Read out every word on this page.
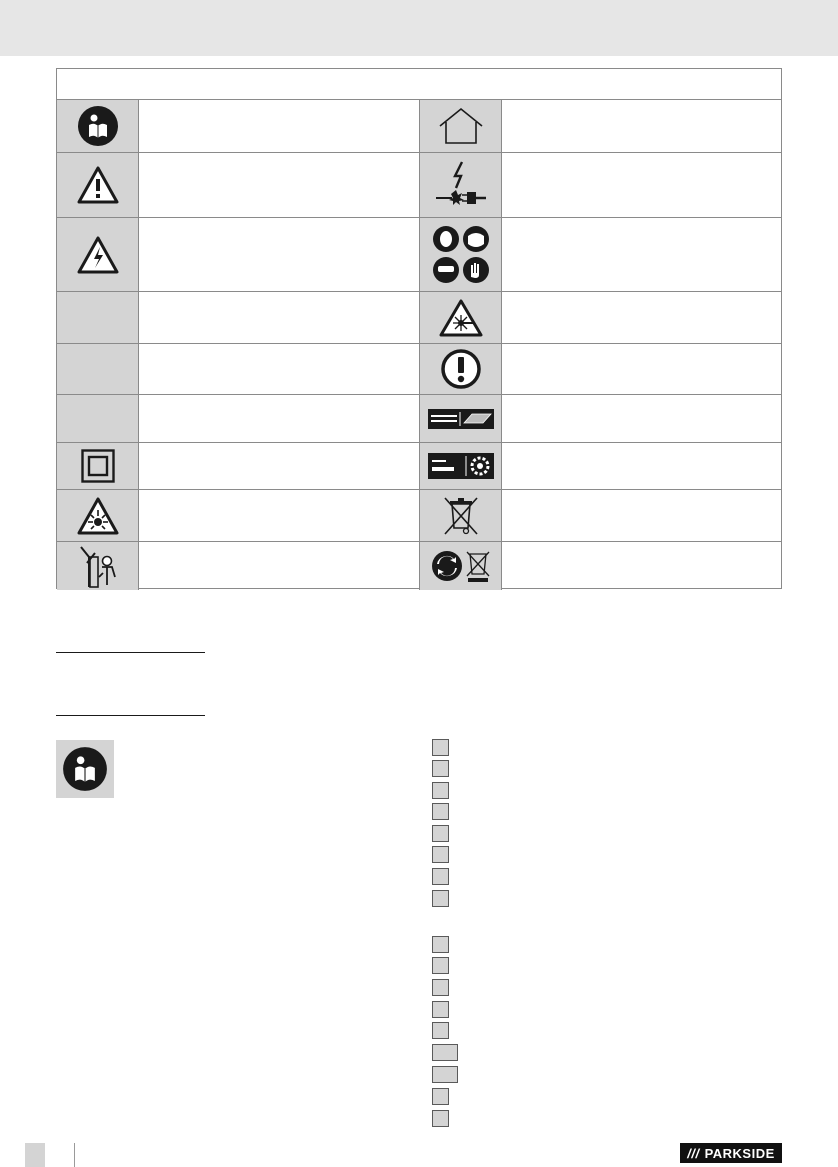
/// PARKSIDE
